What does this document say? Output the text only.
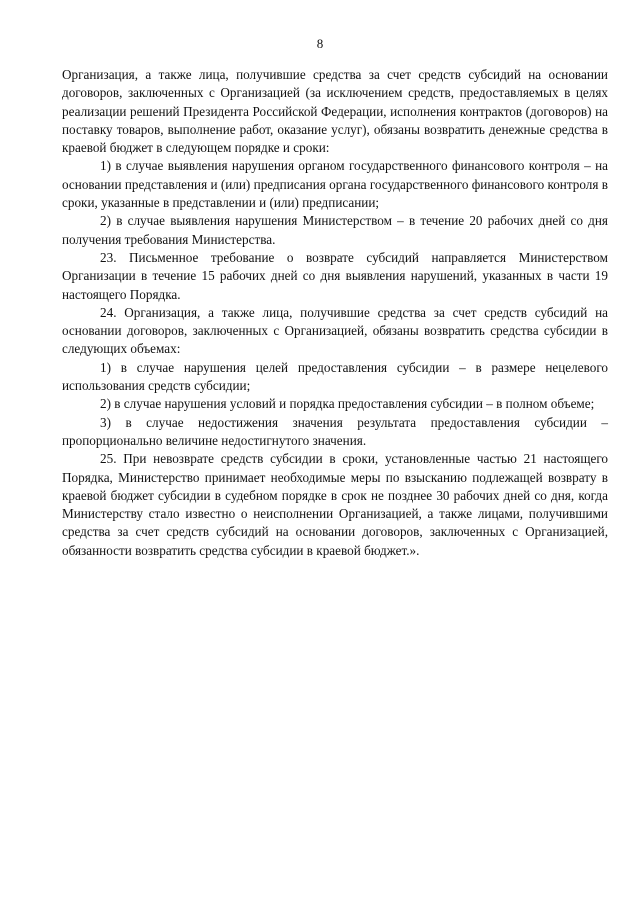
8

Организация, а также лица, получившие средства за счет средств субсидий на основании договоров, заключенных с Организацией (за исключением средств, предоставляемых в целях реализации решений Президента Российской Федерации, исполнения контрактов (договоров) на поставку товаров, выполнение работ, оказание услуг), обязаны возвратить денежные средства в краевой бюджет в следующем порядке и сроки:

1) в случае выявления нарушения органом государственного финансового контроля – на основании представления и (или) предписания органа государственного финансового контроля в сроки, указанные в представлении и (или) предписании;

2) в случае выявления нарушения Министерством – в течение 20 рабочих дней со дня получения требования Министерства.

23. Письменное требование о возврате субсидий направляется Министерством Организации в течение 15 рабочих дней со дня выявления нарушений, указанных в части 19 настоящего Порядка.

24. Организация, а также лица, получившие средства за счет средств субсидий на основании договоров, заключенных с Организацией, обязаны возвратить средства субсидии в следующих объемах:

1) в случае нарушения целей предоставления субсидии – в размере нецелевого использования средств субсидии;

2) в случае нарушения условий и порядка предоставления субсидии – в полном объеме;

3) в случае недостижения значения результата предоставления субсидии – пропорционально величине недостигнутого значения.

25. При невозврате средств субсидии в сроки, установленные частью 21 настоящего Порядка, Министерство принимает необходимые меры по взысканию подлежащей возврату в краевой бюджет субсидии в судебном порядке в срок не позднее 30 рабочих дней со дня, когда Министерству стало известно о неисполнении Организацией, а также лицами, получившими средства за счет средств субсидий на основании договоров, заключенных с Организацией, обязанности возвратить средства субсидии в краевой бюджет.».
